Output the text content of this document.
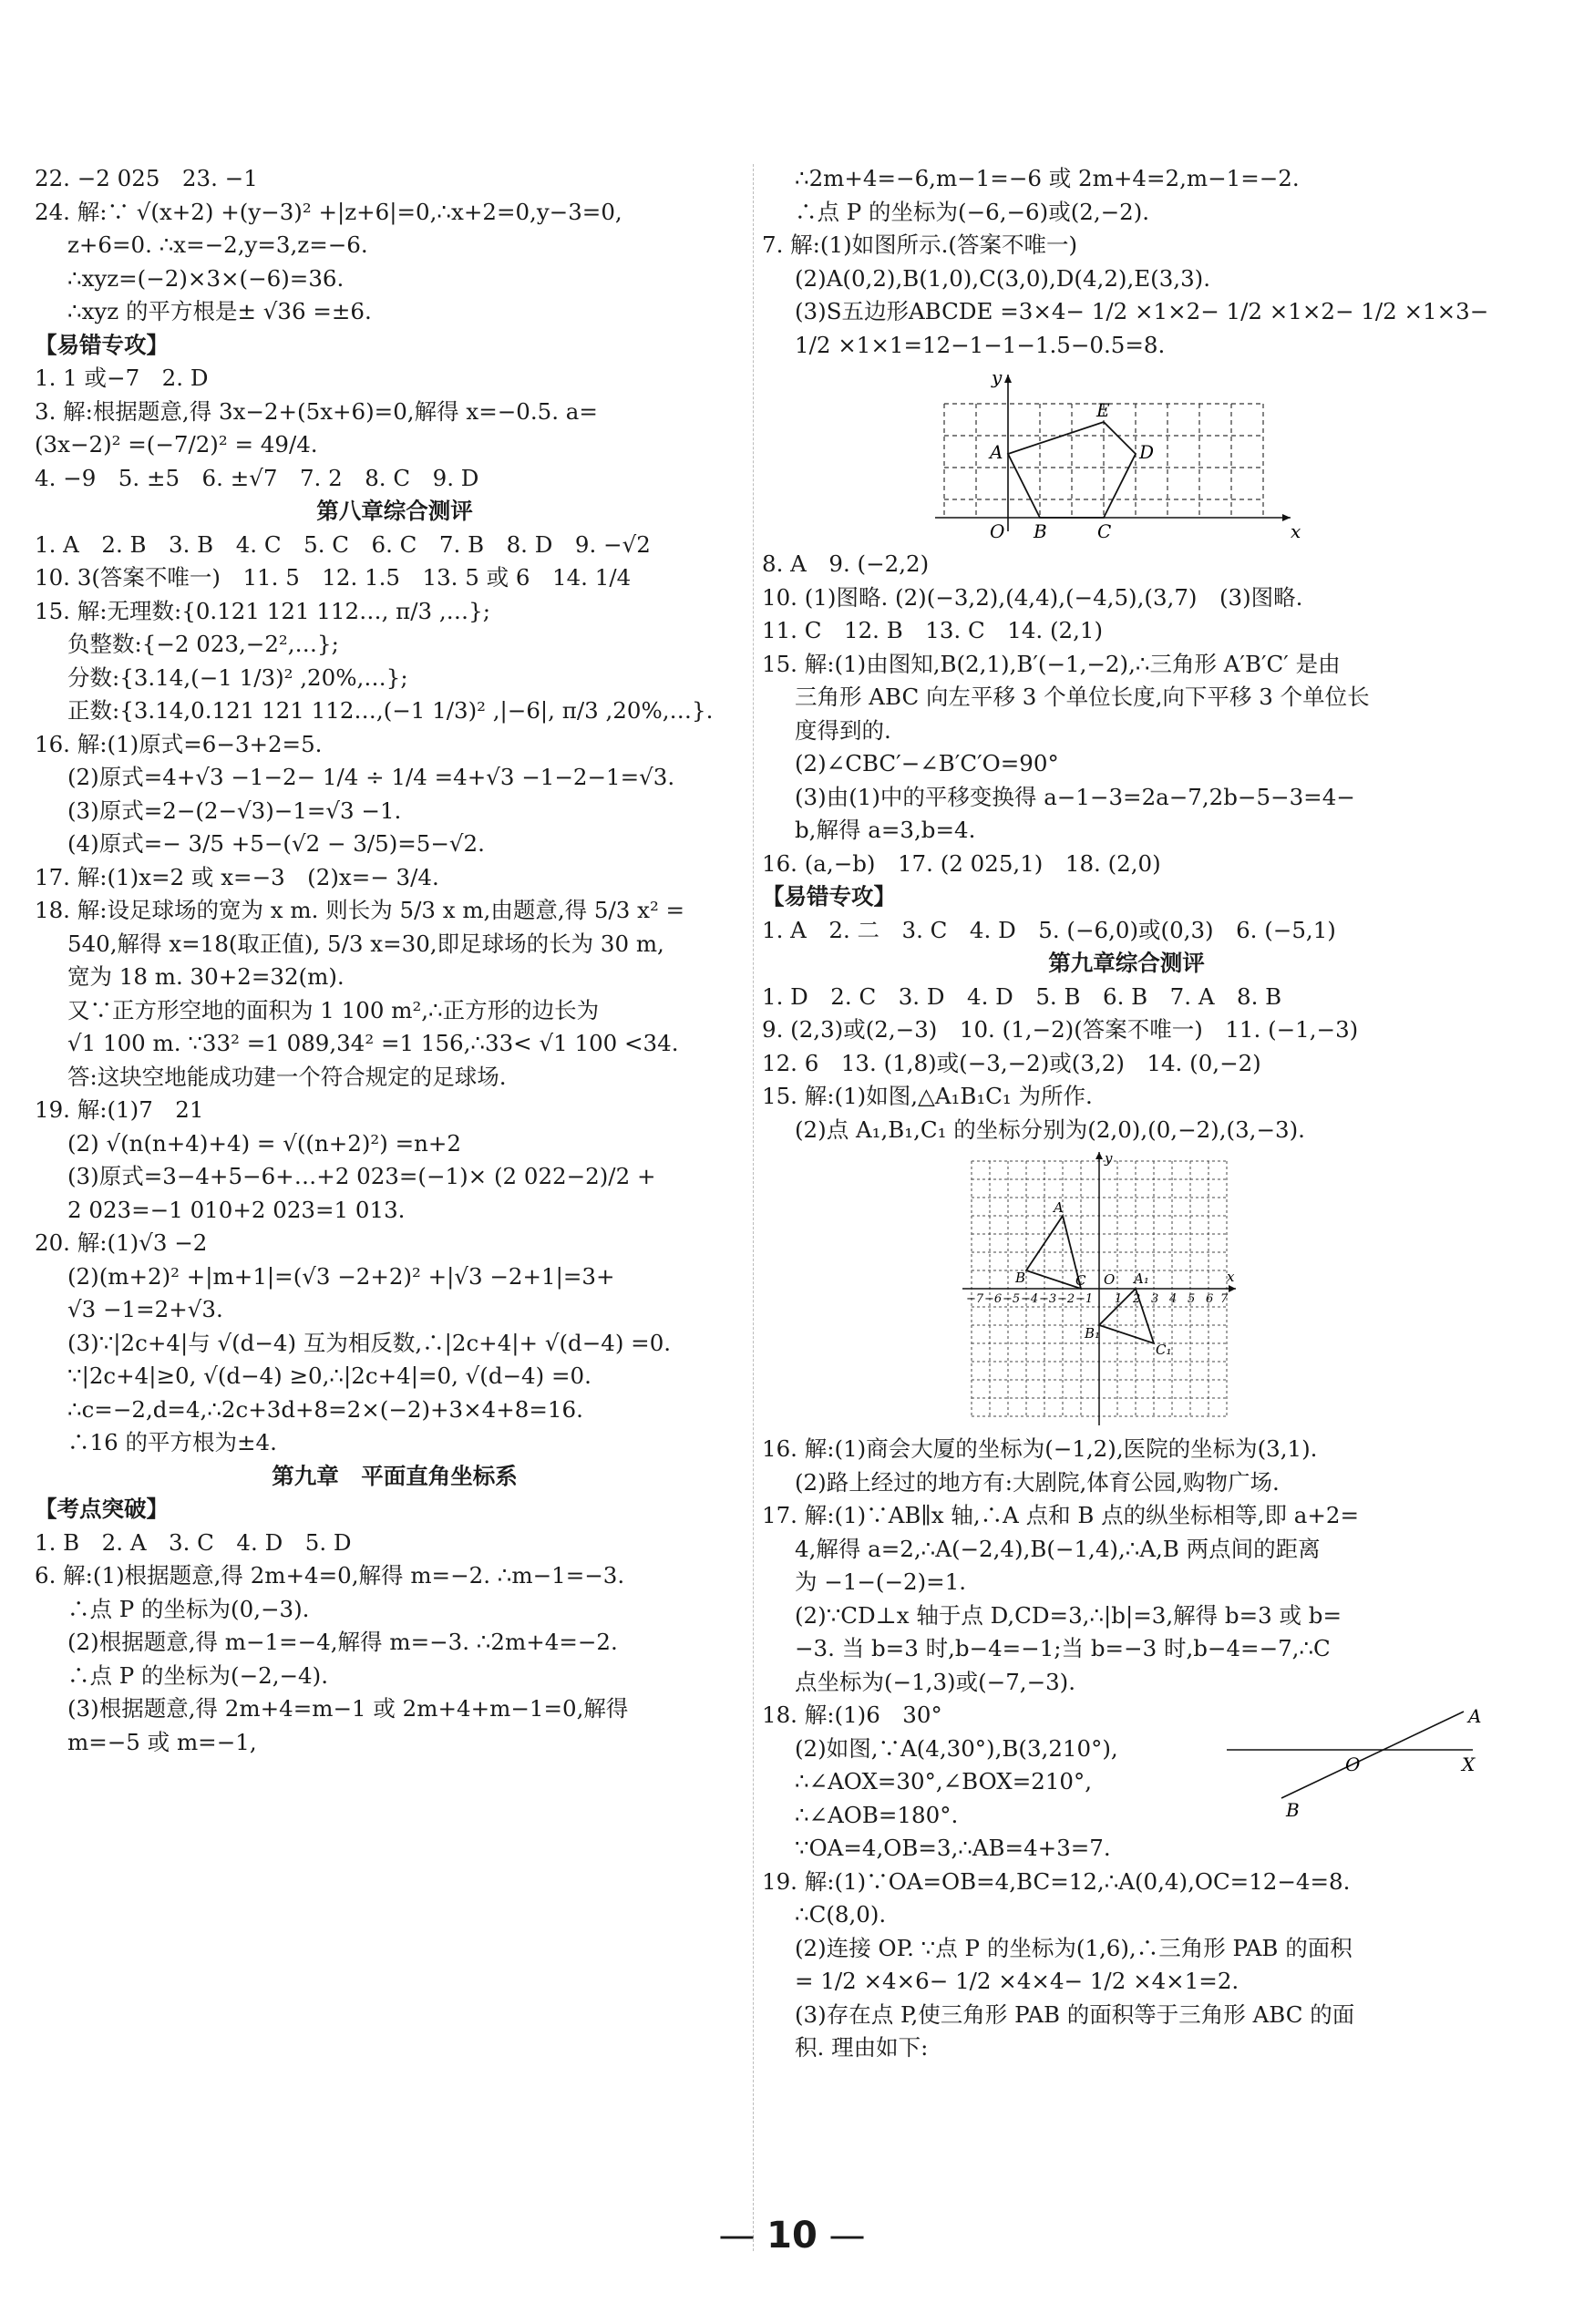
22. −2 025　23. −1

24. 解:∵ √(x+2) +(y−3)² +|z+6|=0,∴x+2=0,y−3=0,

z+6=0. ∴x=−2,y=3,z=−6.

∴xyz=(−2)×3×(−6)=36.

∴xyz 的平方根是± √36 =±6.

【易错专攻】

1. 1 或−7　2. D

3. 解:根据题意,得 3x−2+(5x+6)=0,解得 x=−0.5. a=

(3x−2)² =(−7/2)² = 49/4.

4. −9　5. ±5　6. ±√7　7. 2　8. C　9. D

第八章综合测评

1. A　2. B　3. B　4. C　5. C　6. C　7. B　8. D　9. −√2

10. 3(答案不唯一)　11. 5　12. 1.5　13. 5 或 6　14. 1/4

15. 解:无理数:{0.121 121 112…, π/3 ,…};

负整数:{−2 023,−2²,…};

分数:{3.14,(−1 1/3)² ,20%,…};

正数:{3.14,0.121 121 112…,(−1 1/3)² ,|−6|, π/3 ,20%,…}.

16. 解:(1)原式=6−3+2=5.

(2)原式=4+√3 −1−2− 1/4 ÷ 1/4 =4+√3 −1−2−1=√3.

(3)原式=2−(2−√3)−1=√3 −1.

(4)原式=− 3/5 +5−(√2 − 3/5)=5−√2.

17. 解:(1)x=2 或 x=−3　(2)x=− 3/4.

18. 解:设足球场的宽为 x m. 则长为 5/3 x m,由题意,得 5/3 x² =

540,解得 x=18(取正值), 5/3 x=30,即足球场的长为 30 m,

宽为 18 m. 30+2=32(m).

又∵正方形空地的面积为 1 100 m²,∴正方形的边长为

√1 100 m. ∵33² =1 089,34² =1 156,∴33< √1 100 <34.

答:这块空地能成功建一个符合规定的足球场.

19. 解:(1)7　21

(2) √(n(n+4)+4) = √((n+2)²) =n+2

(3)原式=3−4+5−6+…+2 023=(−1)× (2 022−2)/2 +

2 023=−1 010+2 023=1 013.

20. 解:(1)√3 −2

(2)(m+2)² +|m+1|=(√3 −2+2)² +|√3 −2+1|=3+

√3 −1=2+√3.

(3)∵|2c+4|与 √(d−4) 互为相反数,∴|2c+4|+ √(d−4) =0.

∵|2c+4|≥0, √(d−4) ≥0,∴|2c+4|=0, √(d−4) =0.

∴c=−2,d=4,∴2c+3d+8=2×(−2)+3×4+8=16.

∴16 的平方根为±4.

第九章　平面直角坐标系

【考点突破】

1. B　2. A　3. C　4. D　5. D

6. 解:(1)根据题意,得 2m+4=0,解得 m=−2. ∴m−1=−3.

∴点 P 的坐标为(0,−3).

(2)根据题意,得 m−1=−4,解得 m=−3. ∴2m+4=−2.

∴点 P 的坐标为(−2,−4).

(3)根据题意,得 2m+4=m−1 或 2m+4+m−1=0,解得

m=−5 或 m=−1,

∴2m+4=−6,m−1=−6 或 2m+4=2,m−1=−2.

∴点 P 的坐标为(−6,−6)或(2,−2).

7. 解:(1)如图所示.(答案不唯一)

(2)A(0,2),B(1,0),C(3,0),D(4,2),E(3,3).

(3)S五边形ABCDE =3×4− 1/2 ×1×2− 1/2 ×1×2− 1/2 ×1×3−

1/2 ×1×1=12−1−1−1.5−0.5=8.

y
x
O
A
B	C
D
E

8. A　9. (−2,2)

10. (1)图略. (2)(−3,2),(4,4),(−4,5),(3,7)　(3)图略.

11. C　12. B　13. C　14. (2,1)

15. 解:(1)由图知,B(2,1),B′(−1,−2),∴三角形 A′B′C′ 是由

三角形 ABC 向左平移 3 个单位长度,向下平移 3 个单位长

度得到的.

(2)∠CBC′−∠B′C′O=90°

(3)由(1)中的平移变换得 a−1−3=2a−7,2b−5−3=4−

b,解得 a=3,b=4.

16. (a,−b)　17. (2 025,1)　18. (2,0)

【易错专攻】

1. A　2. 二　3. C　4. D　5. (−6,0)或(0,3)　6. (−5,1)

第九章综合测评

1. D　2. C　3. D　4. D　5. B　6. B　7. A　8. B

9. (2,3)或(2,−3)　10. (1,−2)(答案不唯一)　11. (−1,−3)

12. 6　13. (1,8)或(−3,−2)或(3,2)　14. (0,−2)

15. 解:(1)如图,△A₁B₁C₁ 为所作.

(2)点 A₁,B₁,C₁ 的坐标分别为(2,0),(0,−2),(3,−3).

−7 −6 −5 −4 −3 −2 −1 1 2 3 4 5 6 7
y
x
O
A
B	C	A₁
B₁
C₁

16. 解:(1)商会大厦的坐标为(−1,2),医院的坐标为(3,1).

(2)路上经过的地方有:大剧院,体育公园,购物广场.

17. 解:(1)∵AB∥x 轴,∴A 点和 B 点的纵坐标相等,即 a+2=

4,解得 a=2,∴A(−2,4),B(−1,4),∴A,B 两点间的距离

为 −1−(−2)=1.

(2)∵CD⊥x 轴于点 D,CD=3,∴|b|=3,解得 b=3 或 b=

−3. 当 b=3 时,b−4=−1;当 b=−3 时,b−4=−7,∴C

点坐标为(−1,3)或(−7,−3).

18. 解:(1)6　30°

(2)如图,∵A(4,30°),B(3,210°),

∴∠AOX=30°,∠BOX=210°,

∴∠AOB=180°.

∵OA=4,OB=3,∴AB=4+3=7.

A
O	X
B

19. 解:(1)∵OA=OB=4,BC=12,∴A(0,4),OC=12−4=8.

∴C(8,0).

(2)连接 OP. ∵点 P 的坐标为(1,6),∴三角形 PAB 的面积

= 1/2 ×4×6− 1/2 ×4×4− 1/2 ×4×1=2.

(3)存在点 P,使三角形 PAB 的面积等于三角形 ABC 的面

积. 理由如下:

— 10 —
